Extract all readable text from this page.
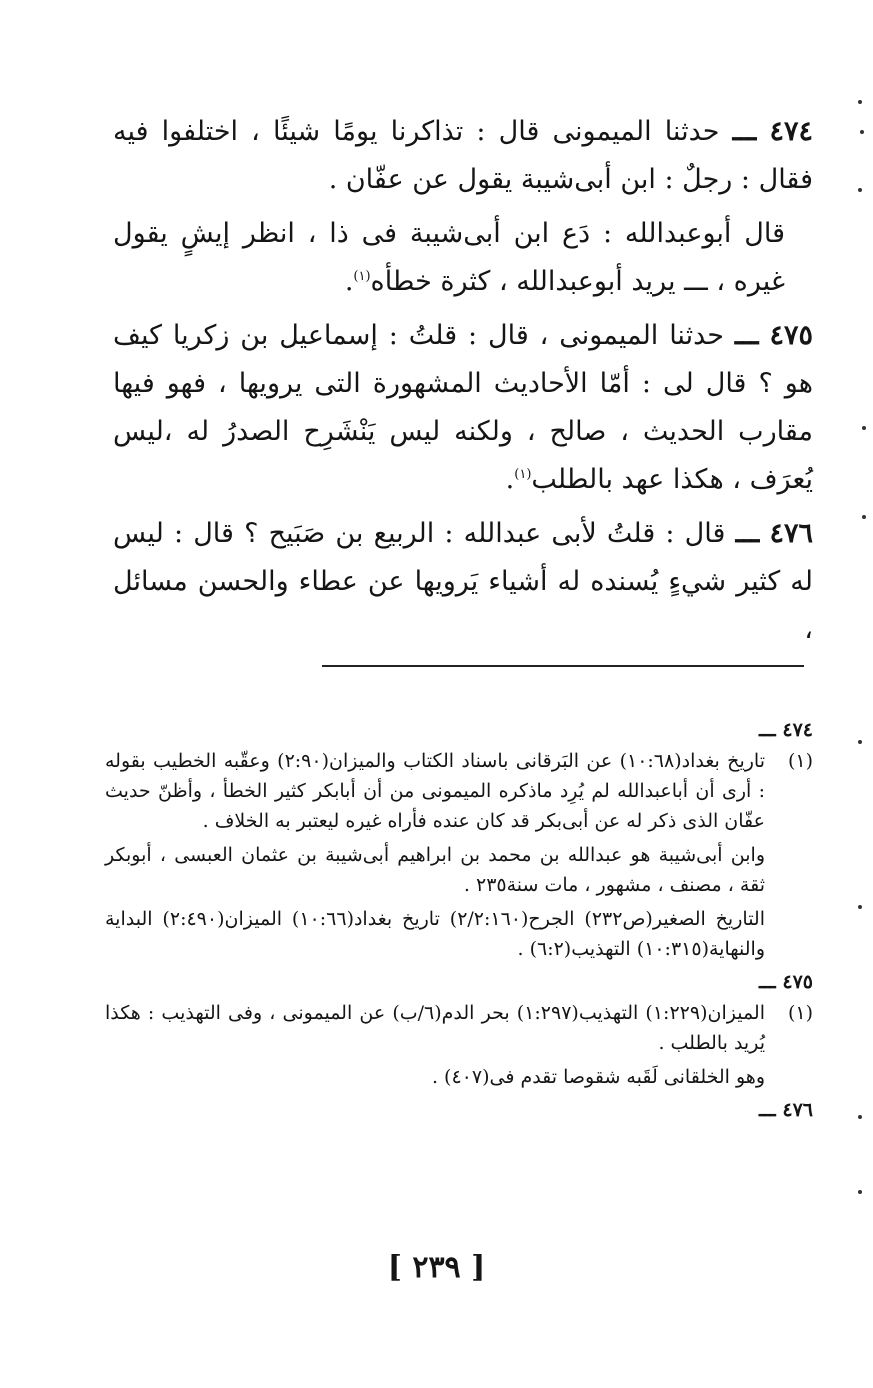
٤٧٤ ـــ حدثنا الميمونى قال : تذاكرنا يومًا شيئًا ، اختلفوا فيه فقال : رجلٌ : ابن أبى‌شيبة يقول عن عفّان .

قال أبوعبدالله : دَع ابن أبى‌شيبة فى ذا ، انظر إيشٍ يقول غيره ، ـــ يريد أبوعبدالله ، كثرة خطأه$^{(١)}$.

٤٧٥ ـــ حدثنا الميمونى ، قال : قلتُ : إسماعيل بن زكريا كيف هو ؟ قال لى : أمّا الأحاديث المشهورة التى يرويها ، فهو فيها مقارب الحديث ، صالح ، ولكنه ليس يَنْشَرِح الصدرُ له ،ليس يُعرَف ، هكذا عهد بالطلب$^{(١)}$.

٤٧٦ ـــ قال : قلتُ لأبى عبدالله : الربيع بن صَبَيح ؟ قال : ليس له كثير شيءٍ يُسنده له أشياء يَرويها عن عطاء والحسن مسائل ،

٤٧٤ ـــ
(١)

تاريخ بغداد(١٠:٦٨) عن البَرقانى باسناد الكتاب والميزان(٢:٩٠) وعقّبه الخطيب بقوله : أرى أن أباعبدالله لم يُرِد ماذكره الميمونى من أن أبابكر كثير الخطأ ، وأظنّ حديث عفّان الذى ذكر له عن أبى‌بكر قد كان عنده فأراه غيره ليعتبر به الخلاف .

وابن أبى‌شيبة هو عبدالله بن محمد بن ابراهيم أبى‌شيبة بن عثمان العبسى ، أبوبكر ثقة ، مصنف ، مشهور ، مات سنة٢٣٥ .

التاريخ الصغير(ص٢٣٢) الجرح(٢/٢:١٦٠) تاريخ بغداد(١٠:٦٦) الميزان(٢:٤٩٠) البداية والنهاية(١٠:٣١٥) التهذيب(٦:٢) .

٤٧٥ ـــ
(١)

الميزان(١:٢٢٩) التهذيب(١:٢٩٧) بحر الدم(٦/ب) عن الميمونى ، وفى التهذيب : هكذا يُريد بالطلب .

وهو الخلقانى لَقَبه شقوصا تقدم فى(٤٠٧) .

٤٧٦ ـــ
[ ٢٣٩ ]
